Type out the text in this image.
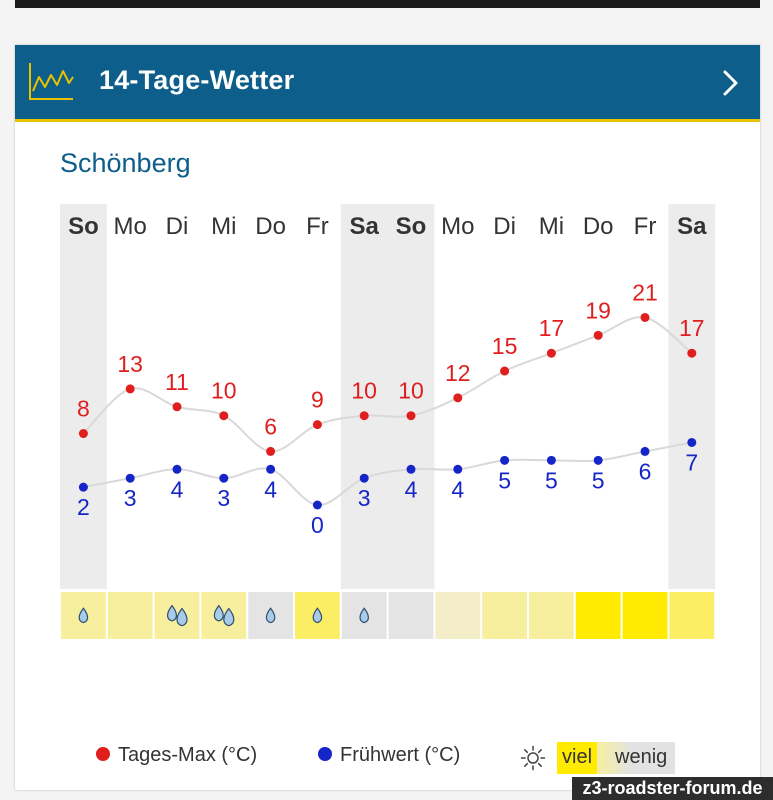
14-Tage-Wetter
Schönberg
So Mo Di Mi Do Fr Sa So Mo Di Mi Do Fr Sa
8
13
11 10
6
9 10 10
12
15
17
19
21
17
2 3 4 3 4
0
3 4 4 5 5 5 6 7
Tages-Max (°C)	Frühwert (°C)	viel wenig
z3-roadster-forum.de
